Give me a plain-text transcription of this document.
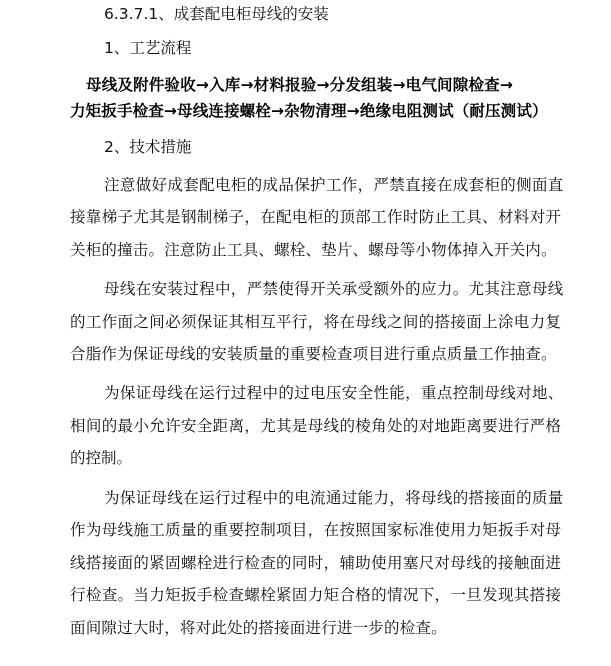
6.3.7.1、成套配电柜母线的安装
1、工艺流程
母线及附件验收→入库→材料报验→分发组装→电气间隙检查→
力矩扳手检查→母线连接螺栓→杂物清理→绝缘电阻测试（耐压测试）
2、技术措施
注意做好成套配电柜的成品保护工作，严禁直接在成套柜的侧面直
接靠梯子尤其是钢制梯子，在配电柜的顶部工作时防止工具、材料对开
关柜的撞击。注意防止工具、螺栓、垫片、螺母等小物体掉入开关内。
母线在安装过程中，严禁使得开关承受额外的应力。尤其注意母线
的工作面之间必须保证其相互平行，将在母线之间的搭接面上涂电力复
合脂作为保证母线的安装质量的重要检查项目进行重点质量工作抽查。
为保证母线在运行过程中的过电压安全性能，重点控制母线对地、
相间的最小允许安全距离，尤其是母线的棱角处的对地距离要进行严格
的控制。
为保证母线在运行过程中的电流通过能力，将母线的搭接面的质量
作为母线施工质量的重要控制项目，在按照国家标准使用力矩扳手对母
线搭接面的紧固螺栓进行检查的同时，辅助使用塞尺对母线的接触面进
行检查。当力矩扳手检查螺栓紧固力矩合格的情况下，一旦发现其搭接
面间隙过大时，将对此处的搭接面进行进一步的检查。
